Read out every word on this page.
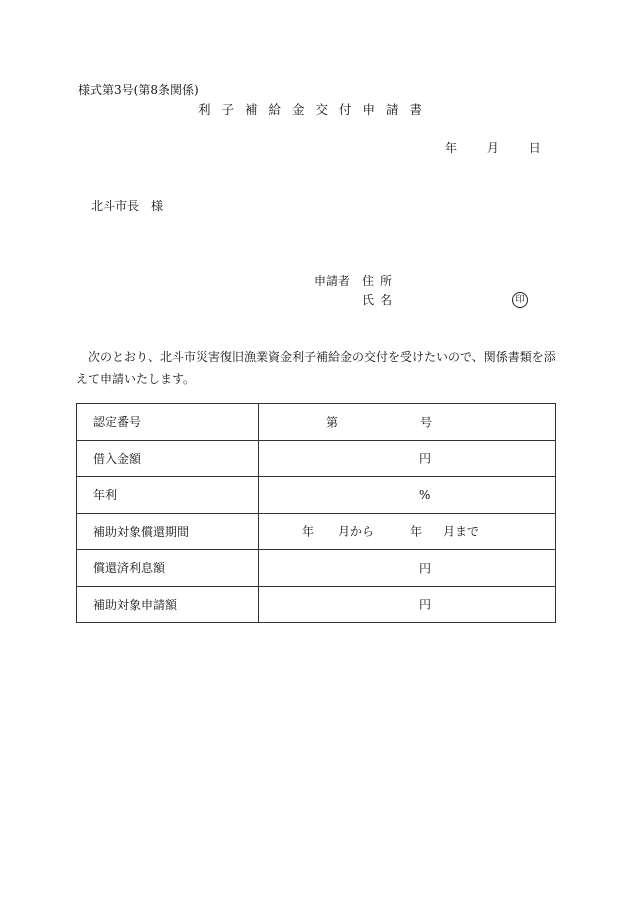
様式第3号(第8条関係)
利子補給金交付申請書
年 月 日
北斗市長　様
申請者 住所
氏名	印
　次のとおり、北斗市災害復旧漁業資金利子補給金の交付を受けたいので、関係書類を添えて申請いたします。
認定番号	第 号

借入金額	円

年利	%

補助対象償還期間	年 月から 年 月まで

償還済利息額	円

補助対象申請額	円
